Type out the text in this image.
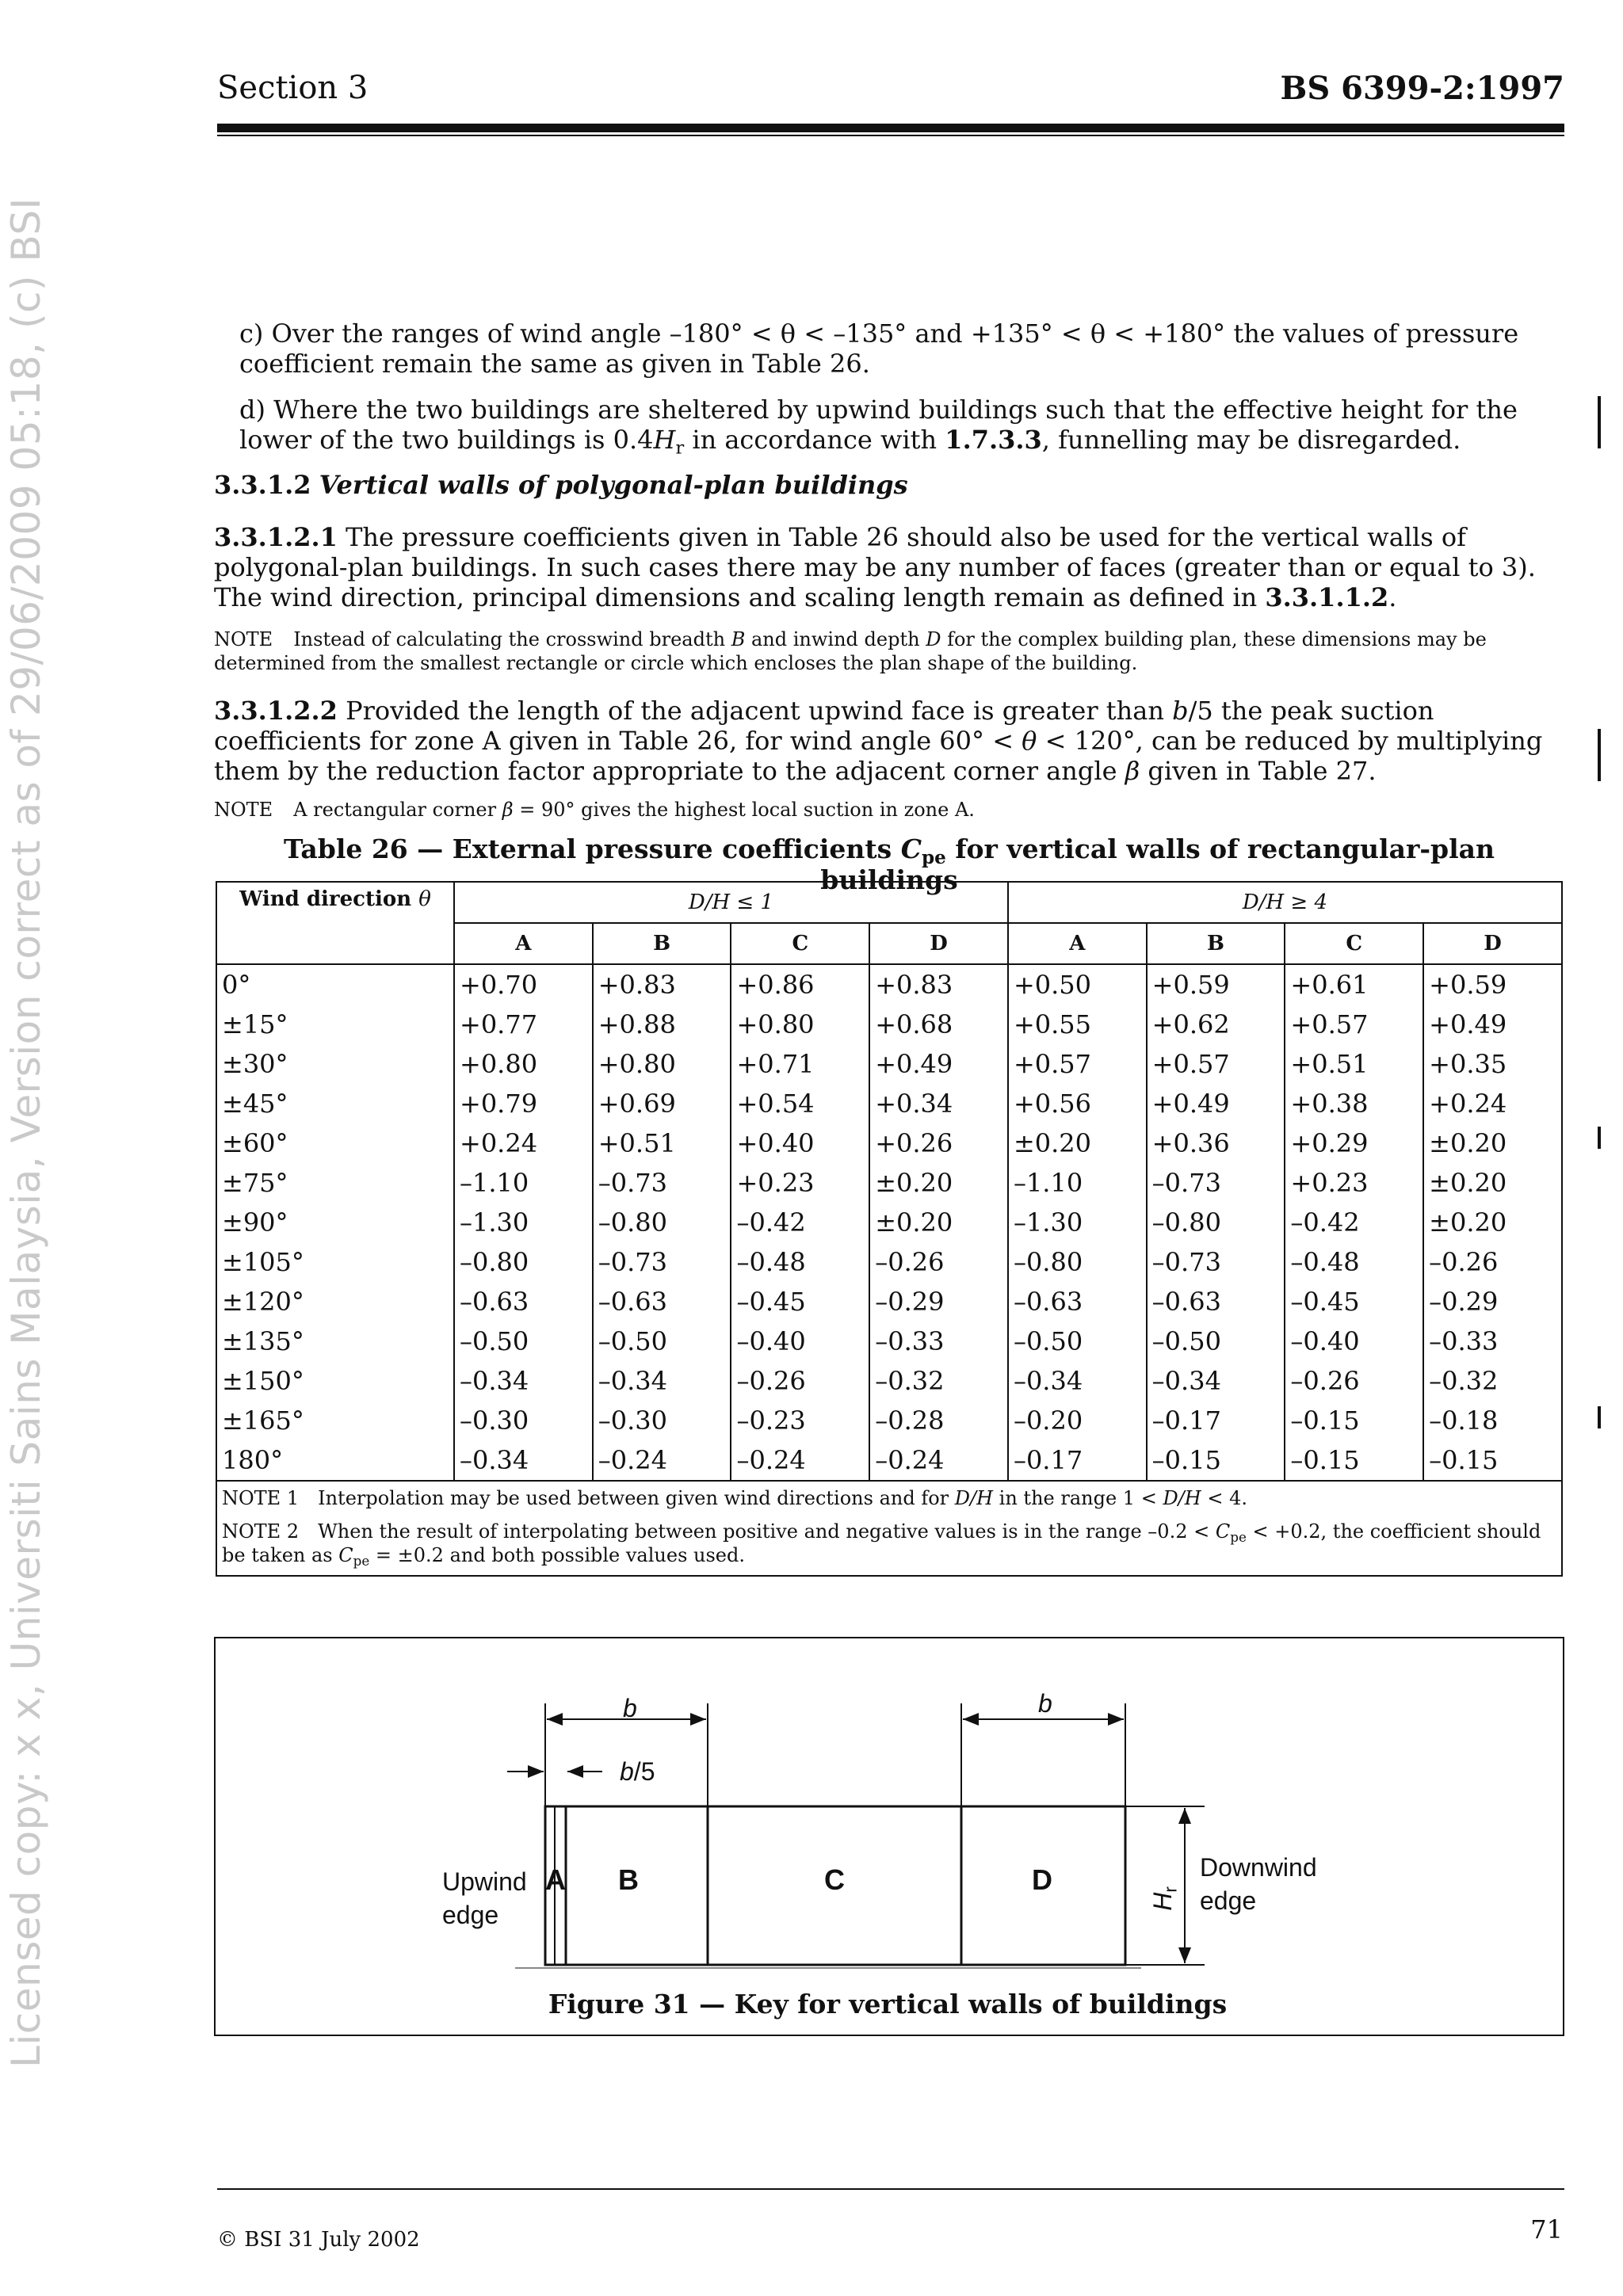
Section 3	BS 6399-2:1997
Licensed copy: x x, Universiti Sains Malaysia, Version correct as of 29/06/2009 05:18, (c) BSI	c) Over the ranges of wind angle –180° < θ < –135° and +135° < θ < +180° the values of pressure coefficient remain the same as given in Table 26.

d) Where the two buildings are sheltered by upwind buildings such that the effective height for the lower of the two buildings is $0.4H_r$ in accordance with 1.7.3.3, funnelling may be disregarded.

3.3.1.2 Vertical walls of polygonal-plan buildings

3.3.1.2.1 The pressure coefficients given in Table 26 should also be used for the vertical walls of polygonal-plan buildings. In such cases there may be any number of faces (greater than or equal to 3). The wind direction, principal dimensions and scaling length remain as defined in 3.3.1.1.2.

NOTE Instead of calculating the crosswind breadth B and inwind depth D for the complex building plan, these dimensions may be determined from the smallest rectangle or circle which encloses the plan shape of the building.

3.3.1.2.2 Provided the length of the adjacent upwind face is greater than b/5 the peak suction coefficients for zone A given in Table 26, for wind angle 60° < θ < 120°, can be reduced by multiplying them by the reduction factor appropriate to the adjacent corner angle β given in Table 27.

NOTE A rectangular corner β = 90° gives the highest local suction in zone A.

Table 26 — External pressure coefficients $C_{pe}$ for vertical walls of rectangular-plan buildings
Wind direction θ	D/H ≤ 1				D/H ≥ 4			
	A	B	C	D	A	B	C	D
0°	+0.70	+0.83	+0.86	+0.83	+0.50	+0.59	+0.61	+0.59
±15°	+0.77	+0.88	+0.80	+0.68	+0.55	+0.62	+0.57	+0.49
±30°	+0.80	+0.80	+0.71	+0.49	+0.57	+0.57	+0.51	+0.35
±45°	+0.79	+0.69	+0.54	+0.34	+0.56	+0.49	+0.38	+0.24
±60°	+0.24	+0.51	+0.40	+0.26	±0.20	+0.36	+0.29	±0.20
±75°	–1.10	–0.73	+0.23	±0.20	–1.10	–0.73	+0.23	±0.20
±90°	–1.30	–0.80	–0.42	±0.20	–1.30	–0.80	–0.42	±0.20
±105°	–0.80	–0.73	–0.48	–0.26	–0.80	–0.73	–0.48	–0.26
±120°	–0.63	–0.63	–0.45	–0.29	–0.63	–0.63	–0.45	–0.29
±135°	–0.50	–0.50	–0.40	–0.33	–0.50	–0.50	–0.40	–0.33
±150°	–0.34	–0.34	–0.26	–0.32	–0.34	–0.34	–0.26	–0.32
±165°	–0.30	–0.30	–0.23	–0.28	–0.20	–0.17	–0.15	–0.18
180°	–0.34	–0.24	–0.24	–0.24	–0.17	–0.15	–0.15	–0.15

NOTE 1 Interpolation may be used between given wind directions and for D/H in the range 1 < D/H < 4.
NOTE 2 When the result of interpolating between positive and negative values is in the range $-0.2 < C_{pe} < +0.2$, the coefficient should be taken as $C_{pe} = \pm 0.2$ and both possible values used.								
b	b
b/5
A B	C	D
Upwind
edge
Downwind
edge
$H_r$
Figure 31 — Key for vertical walls of buildings
© BSI 31 July 2002	71
